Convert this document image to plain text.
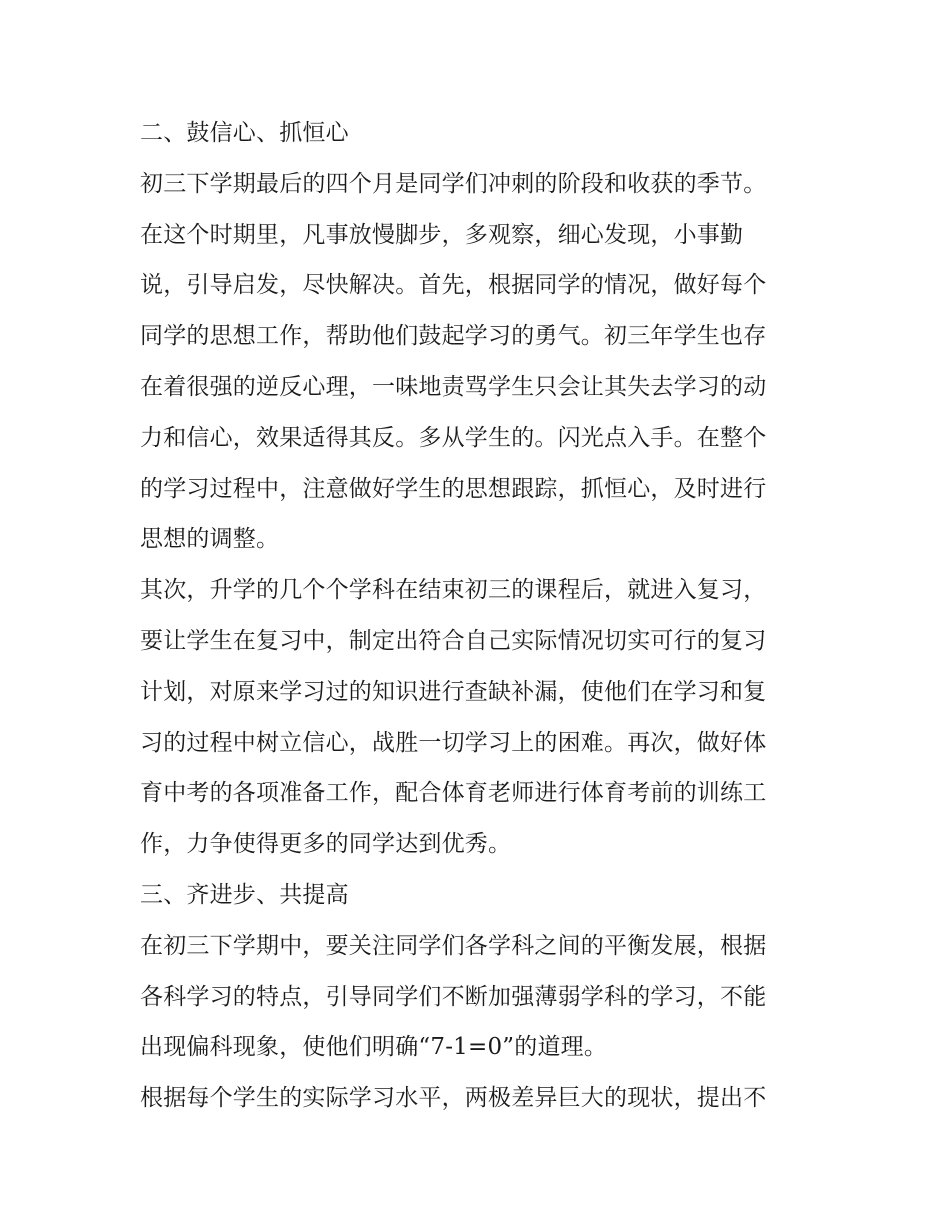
二、鼓信心、抓恒心
初三下学期最后的四个月是同学们冲刺的阶段和收获的季节。
在这个时期里，凡事放慢脚步，多观察，细心发现，小事勤
说，引导启发，尽快解决。首先，根据同学的情况，做好每个
同学的思想工作，帮助他们鼓起学习的勇气。初三年学生也存
在着很强的逆反心理，一味地责骂学生只会让其失去学习的动
力和信心，效果适得其反。多从学生的。闪光点入手。在整个
的学习过程中，注意做好学生的思想跟踪，抓恒心，及时进行
思想的调整。
其次，升学的几个个学科在结束初三的课程后，就进入复习，
要让学生在复习中，制定出符合自己实际情况切实可行的复习
计划，对原来学习过的知识进行查缺补漏，使他们在学习和复
习的过程中树立信心，战胜一切学习上的困难。再次，做好体
育中考的各项准备工作，配合体育老师进行体育考前的训练工
作，力争使得更多的同学达到优秀。
三、齐进步、共提高
在初三下学期中，要关注同学们各学科之间的平衡发展，根据
各科学习的特点，引导同学们不断加强薄弱学科的学习，不能
出现偏科现象，使他们明确“7-1=0”的道理。
根据每个学生的实际学习水平，两极差异巨大的现状，提出不
